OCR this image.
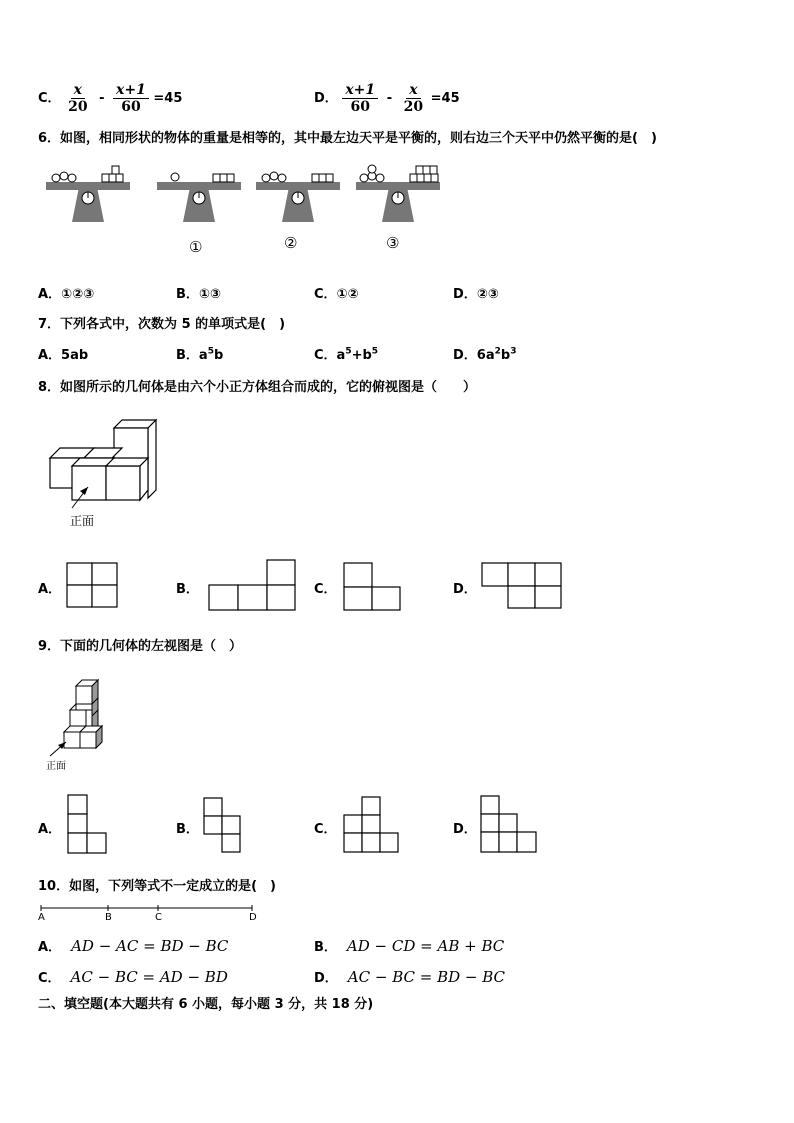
C． $\frac{x}{20} - \frac{x+1}{60} =45$	D． $\frac{x+1}{60} - \frac{x}{20} =45$
6．如图，相同形状的物体的重量是相等的，其中最左边天平是平衡的，则右边三个天平中仍然平衡的是(　)
①	②	③
A．①②③	B．①③	C．①②	D．②③
7．下列各式中，次数为 5 的单项式是(　)
A．5ab	B．$a^5b$	C．$a^5+b^5$	D．$6a^2b^3$
8．如图所示的几何体是由六个小正方体组合而成的，它的俯视图是（　　）
正面
A．	B．	C．	D．
9．下面的几何体的左视图是（　）
正面
A．	B．	C．	D．
10．如图，下列等式不一定成立的是(　)
A	B	C	D
A． AD − AC = BD − BC	B． AD − CD = AB + BC
C． AC − BC = AD − BD	D． AC − BC = BD − BC
二、填空题(本大题共有 6 小题，每小题 3 分，共 18 分)
